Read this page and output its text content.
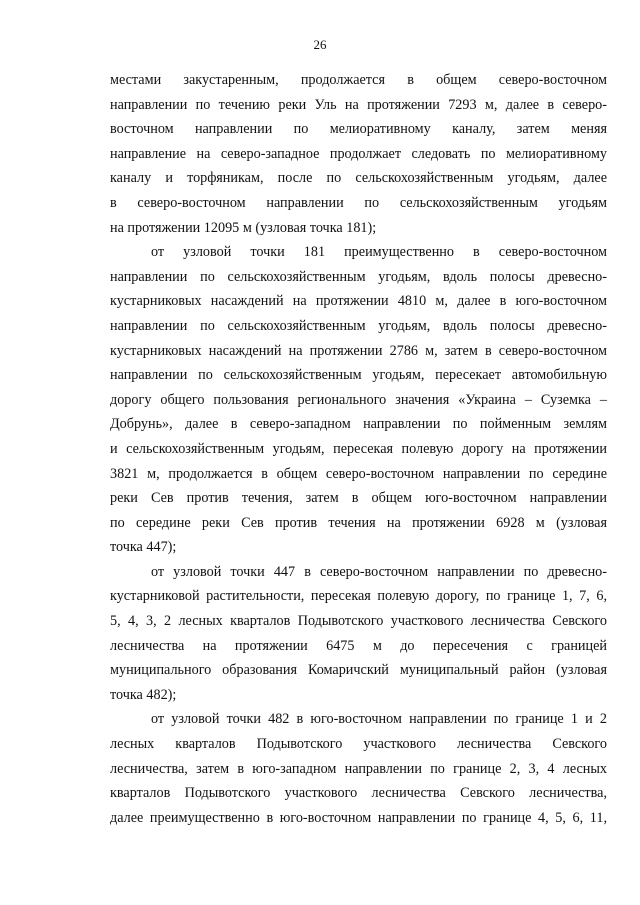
26

местами закустаренным, продолжается в общем северо-восточном
направлении по течению реки Уль на протяжении 7293 м, далее в северо-
восточном направлении по мелиоративному каналу, затем меняя
направление на северо-западное продолжает следовать по мелиоративному
каналу и торфяникам, после по сельскохозяйственным угодьям, далее
в северо-восточном направлении по сельскохозяйственным угодьям
на протяжении 12095 м (узловая точка 181);

от узловой точки 181 преимущественно в северо-восточном
направлении по сельскохозяйственным угодьям, вдоль полосы древесно-
кустарниковых насаждений на протяжении 4810 м, далее в юго-восточном
направлении по сельскохозяйственным угодьям, вдоль полосы древесно-
кустарниковых насаждений на протяжении 2786 м, затем в северо-восточном
направлении по сельскохозяйственным угодьям, пересекает автомобильную
дорогу общего пользования регионального значения «Украина – Суземка –
Добрунь», далее в северо-западном направлении по пойменным землям
и сельскохозяйственным угодьям, пересекая полевую дорогу на протяжении
3821 м, продолжается в общем северо-восточном направлении по середине
реки Сев против течения, затем в общем юго-восточном направлении
по середине реки Сев против течения на протяжении 6928 м (узловая
точка 447);

от узловой точки 447 в северо-восточном направлении по древесно-
кустарниковой растительности, пересекая полевую дорогу, по границе 1, 7, 6,
5, 4, 3, 2 лесных кварталов Подывотского участкового лесничества Севского
лесничества на протяжении 6475 м до пересечения с границей
муниципального образования Комаричский муниципальный район (узловая
точка 482);

от узловой точки 482 в юго-восточном направлении по границе 1 и 2
лесных кварталов Подывотского участкового лесничества Севского
лесничества, затем в юго-западном направлении по границе 2, 3, 4 лесных
кварталов Подывотского участкового лесничества Севского лесничества,
далее преимущественно в юго-восточном направлении по границе 4, 5, 6, 11,
